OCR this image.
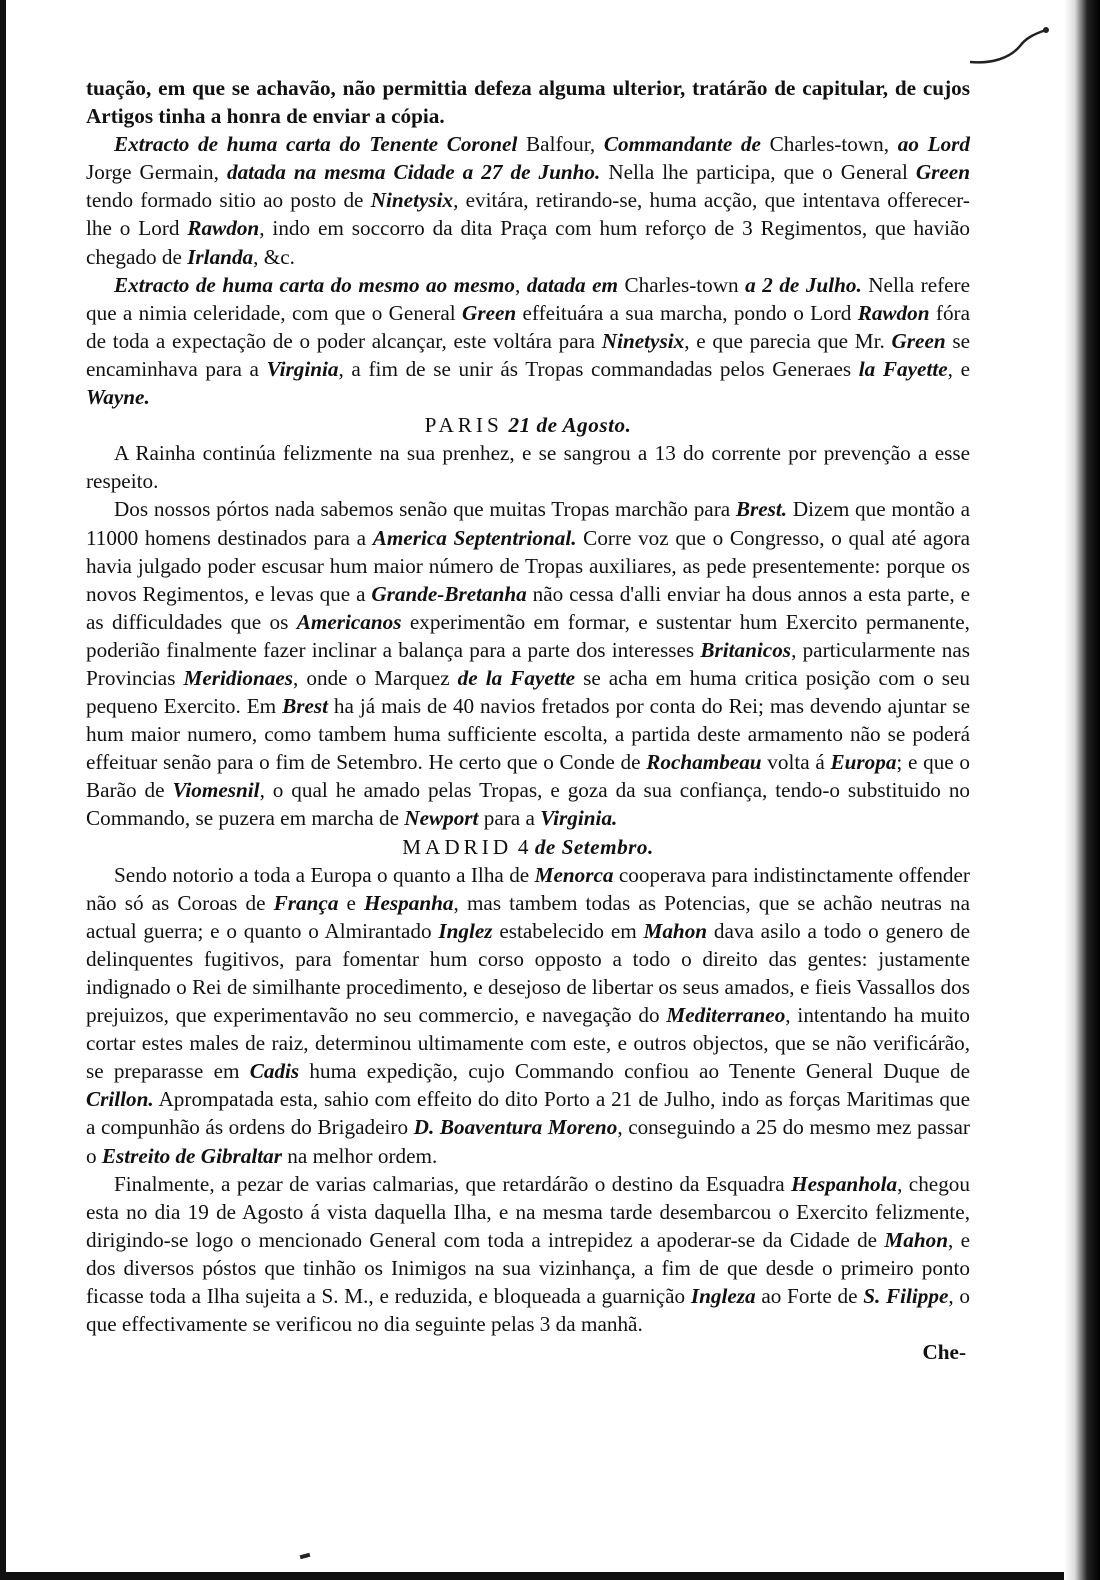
tuação, em que se achavão, não permittia defeza alguma ulterior, tratárão de capitular, de cujos Artigos tinha a honra de enviar a cópia.

Extracto de huma carta do Tenente Coronel Balfour, Commandante de Charles-town, ao Lord Jorge Germain, datada na mesma Cidade a 27 de Junho. Nella lhe participa, que o General Green tendo formado sitio ao posto de Ninetysix, evitára, retirando-se, huma acção, que intentava offerecer-lhe o Lord Rawdon, indo em soccorro da dita Praça com hum reforço de 3 Regimentos, que havião chegado de Irlanda, &c.

Extracto de huma carta do mesmo ao mesmo, datada em Charles-town a 2 de Julho. Nella refere que a nimia celeridade, com que o General Green effeituára a sua marcha, pondo o Lord Rawdon fóra de toda a expectação de o poder alcançar, este voltára para Ninetysix, e que parecia que Mr. Green se encaminhava para a Virginia, a fim de se unir ás Tropas commandadas pelos Generaes la Fayette, e Wayne.

PARIS 21 de Agosto.

A Rainha continúa felizmente na sua prenhez, e se sangrou a 13 do corrente por prevenção a esse respeito.

Dos nossos pórtos nada sabemos senão que muitas Tropas marchão para Brest. Dizem que montão a 11000 homens destinados para a America Septentrional. Corre voz que o Congresso, o qual até agora havia julgado poder escusar hum maior número de Tropas auxiliares, as pede presentemente: porque os novos Regimentos, e levas que a Grande-Bretanha não cessa d'alli enviar ha dous annos a esta parte, e as difficuldades que os Americanos experimentão em formar, e sustentar hum Exercito permanente, poderião finalmente fazer inclinar a balança para a parte dos interesses Britanicos, particularmente nas Provincias Meridionaes, onde o Marquez de la Fayette se acha em huma critica posição com o seu pequeno Exercito. Em Brest ha já mais de 40 navios fretados por conta do Rei; mas devendo ajuntar se hum maior numero, como tambem huma sufficiente escolta, a partida deste armamento não se poderá effeituar senão para o fim de Setembro. He certo que o Conde de Rochambeau volta á Europa; e que o Barão de Viomesnil, o qual he amado pelas Tropas, e goza da sua confiança, tendo-o substituido no Commando, se puzera em marcha de Newport para a Virginia.

MADRID 4 de Setembro.

Sendo notorio a toda a Europa o quanto a Ilha de Menorca cooperava para indistinctamente offender não só as Coroas de França e Hespanha, mas tambem todas as Potencias, que se achão neutras na actual guerra; e o quanto o Almirantado Inglez estabelecido em Mahon dava asilo a todo o genero de delinquentes fugitivos, para fomentar hum corso opposto a todo o direito das gentes: justamente indignado o Rei de similhante procedimento, e desejoso de libertar os seus amados, e fieis Vassallos dos prejuizos, que experimentavão no seu commercio, e navegação do Mediterraneo, intentando ha muito cortar estes males de raiz, determinou ultimamente com este, e outros objectos, que se não verificárão, se preparasse em Cadis huma expedição, cujo Commando confiou ao Tenente General Duque de Crillon. Aprompatada esta, sahio com effeito do dito Porto a 21 de Julho, indo as forças Maritimas que a compunhão ás ordens do Brigadeiro D. Boaventura Moreno, conseguindo a 25 do mesmo mez passar o Estreito de Gibraltar na melhor ordem.

Finalmente, a pezar de varias calmarias, que retardárão o destino da Esquadra Hespanhola, chegou esta no dia 19 de Agosto á vista daquella Ilha, e na mesma tarde desembarcou o Exercito felizmente, dirigindo-se logo o mencionado General com toda a intrepidez a apoderar-se da Cidade de Mahon, e dos diversos póstos que tinhão os Inimigos na sua vizinhança, a fim de que desde o primeiro ponto ficasse toda a Ilha sujeita a S. M., e reduzida, e bloqueada a guarnição Ingleza ao Forte de S. Filippe, o que effectivamente se verificou no dia seguinte pelas 3 da manhã.

Che-
